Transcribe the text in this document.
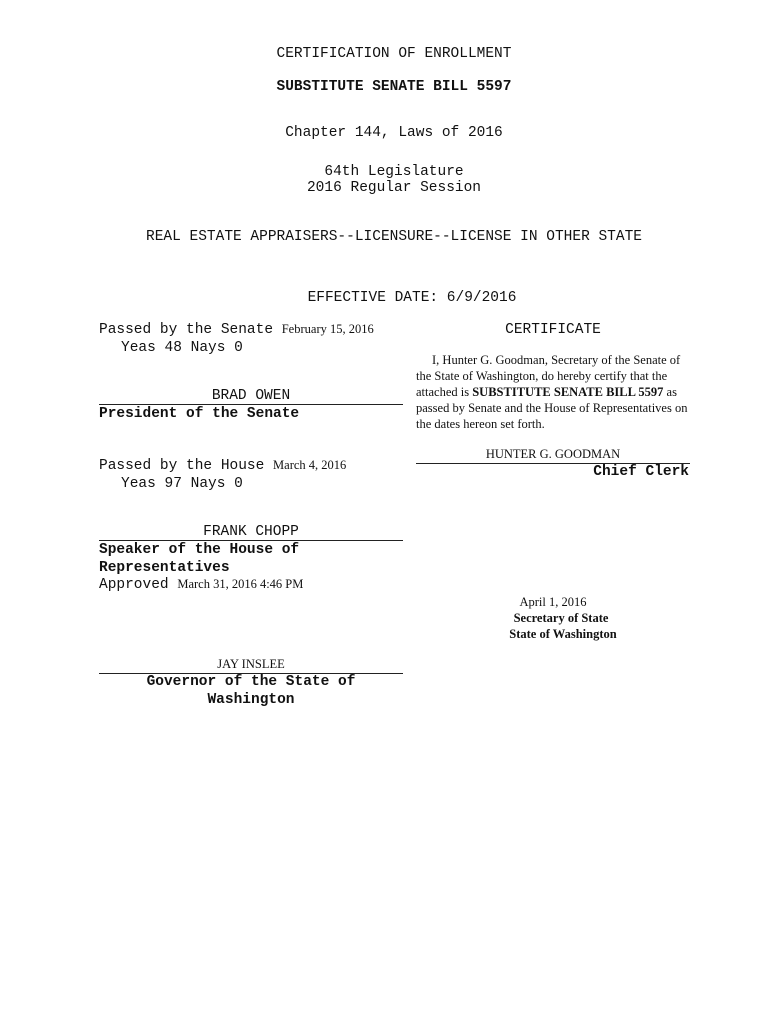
CERTIFICATION OF ENROLLMENT
SUBSTITUTE SENATE BILL 5597
Chapter 144, Laws of 2016
64th Legislature
2016 Regular Session
REAL ESTATE APPRAISERS--LICENSURE--LICENSE IN OTHER STATE
EFFECTIVE DATE: 6/9/2016
Passed by the Senate February 15, 2016
Yeas 48 Nays 0
BRAD OWEN
President of the Senate
Passed by the House March 4, 2016
Yeas 97 Nays 0
FRANK CHOPP
Speaker of the House of
Representatives
Approved March 31, 2016 4:46 PM
JAY INSLEE
Governor of the State of
Washington
CERTIFICATE
I, Hunter G. Goodman, Secretary of the Senate of the State of Washington, do hereby certify that the attached is SUBSTITUTE SENATE BILL 5597 as passed by Senate and the House of Representatives on the dates hereon set forth.
HUNTER G. GOODMAN
Chief Clerk
April 1, 2016
Secretary of State
State of Washington
